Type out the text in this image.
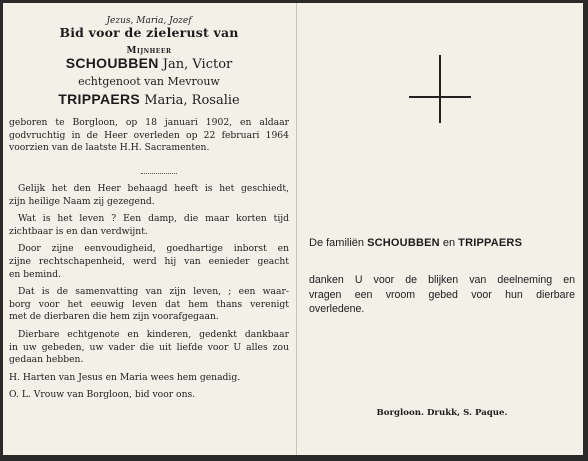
Jezus, Maria, Jozef
Bid voor de zielerust van
Mijnheer
SCHOUBBEN Jan, Victor
echtgenoot van Mevrouw
TRIPPAERS Maria, Rosalie
geboren te Borgloon, op 18 januari 1902, en aldaar
godvruchtig in de Heer overleden op 22 februari 1964
voorzien van de laatste H.H. Sacramenten.
Gelijk het den Heer behaagd heeft is het geschiedt,
zijn heilige Naam zij gezegend.
Wat is het leven ? Een damp, die maar korten tijd
zichtbaar is en dan verdwijnt.
Door zijne eenvoudigheid, goedhartige inborst en
zijne rechtschapenheid, werd hij van eenieder geacht
en bemind.
Dat is de samenvatting van zijn leven, ; een waar-
borg voor het eeuwig leven dat hem thans verenigt
met de dierbaren die hem zijn voorafgegaan.
Dierbare echtgenote en kinderen, gedenkt dankbaar
in uw gebeden, uw vader die uit liefde voor U alles zou
gedaan hebben.
H. Harten van Jesus en Maria wees hem genadig.
O. L. Vrouw van Borgloon, bid voor ons.
De familiën SCHOUBBEN en TRIPPAERS
danken U voor de blijken van deelneming en
vragen een vroom gebed voor hun dierbare
overledene.
Borgloon. Drukk, S. Paque.
